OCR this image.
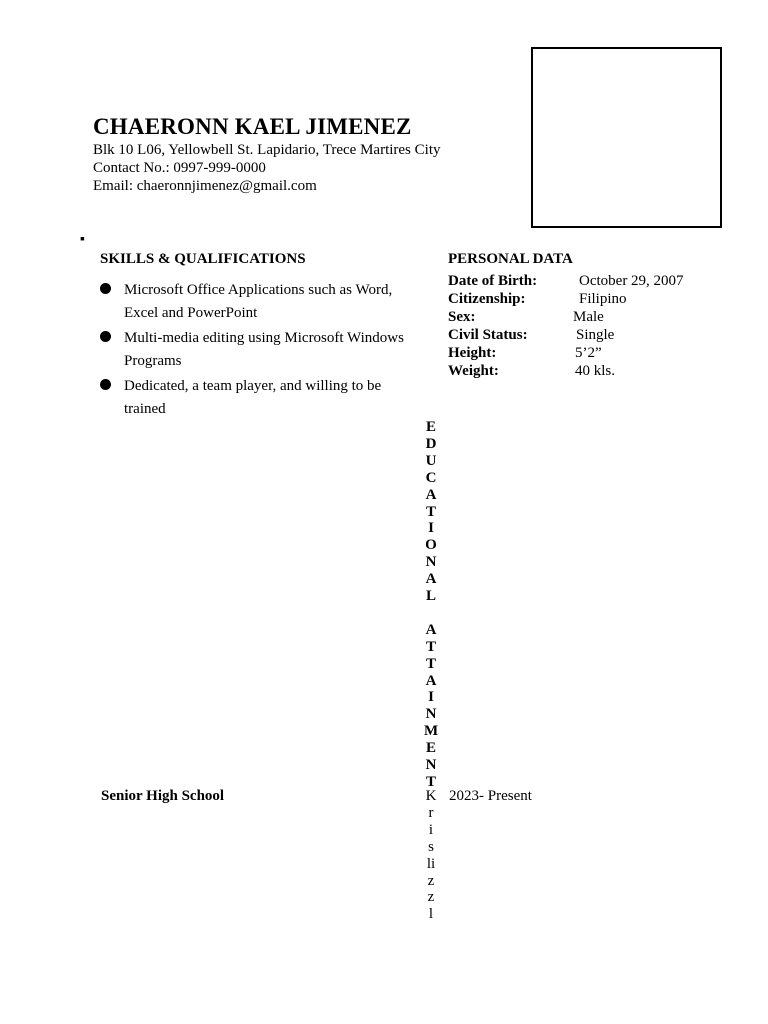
CHAERONN KAEL JIMENEZ
Blk 10 L06, Yellowbell St. Lapidario, Trece Martires City
Contact No.: 0997-999-0000
Email: chaeronnjimenez@gmail.com
▪
SKILLS & QUALIFICATIONS
Microsoft Office Applications such as Word, Excel and PowerPoint
Multi-media editing using Microsoft Windows Programs
Dedicated, a team player, and willing to be trained
PERSONAL DATA
Date of Birth:	October 29, 2007
Citizenship:	Filipino
Sex:	Male
Civil Status:	Single
Height:	5’2”
Weight:	40 kls.
E
D
U
C
A
T
I
O
N
A
L
A
T
T
A
I
N
M
E
N
T
Senior High School	2023- Present
K
r
i
s
li
z
z
l
